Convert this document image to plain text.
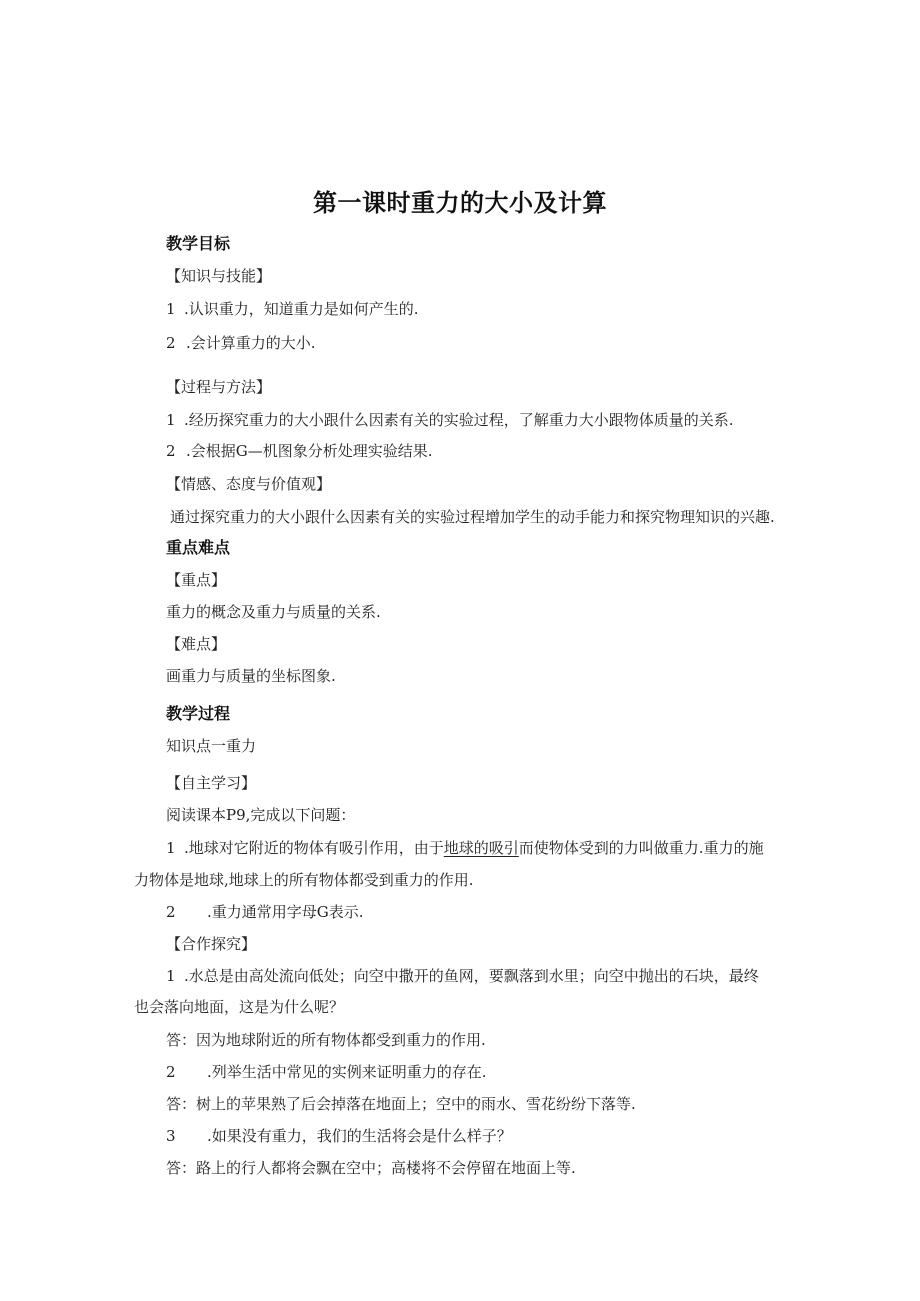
第一课时重力的大小及计算
教学目标
【知识与技能】
1 .认识重力，知道重力是如何产生的.
2 .会计算重力的大小.
【过程与方法】
1 .经历探究重力的大小跟什么因素有关的实验过程，了解重力大小跟物体质量的关系.
2 .会根据G—机图象分析处理实验结果.
【情感、态度与价值观】
通过探究重力的大小跟什么因素有关的实验过程增加学生的动手能力和探究物理知识的兴趣.
重点难点
【重点】
重力的概念及重力与质量的关系.
【难点】
画重力与质量的坐标图象.
教学过程
知识点一重力
【自主学习】
阅读课本P9,完成以下问题：
1 .地球对它附近的物体有吸引作用，由于地球的吸引而使物体受到的力叫做重力.重力的施
力物体是地球,地球上的所有物体都受到重力的作用.
2 .重力通常用字母G表示.
【合作探究】
1 .水总是由高处流向低处；向空中撒开的鱼网，要飘落到水里；向空中抛出的石块，最终
也会落向地面，这是为什么呢？
答：因为地球附近的所有物体都受到重力的作用.
2 .列举生活中常见的实例来证明重力的存在.
答：树上的苹果熟了后会掉落在地面上；空中的雨水、雪花纷纷下落等.
3 .如果没有重力，我们的生活将会是什么样子？
答：路上的行人都将会飘在空中；高楼将不会停留在地面上等.
